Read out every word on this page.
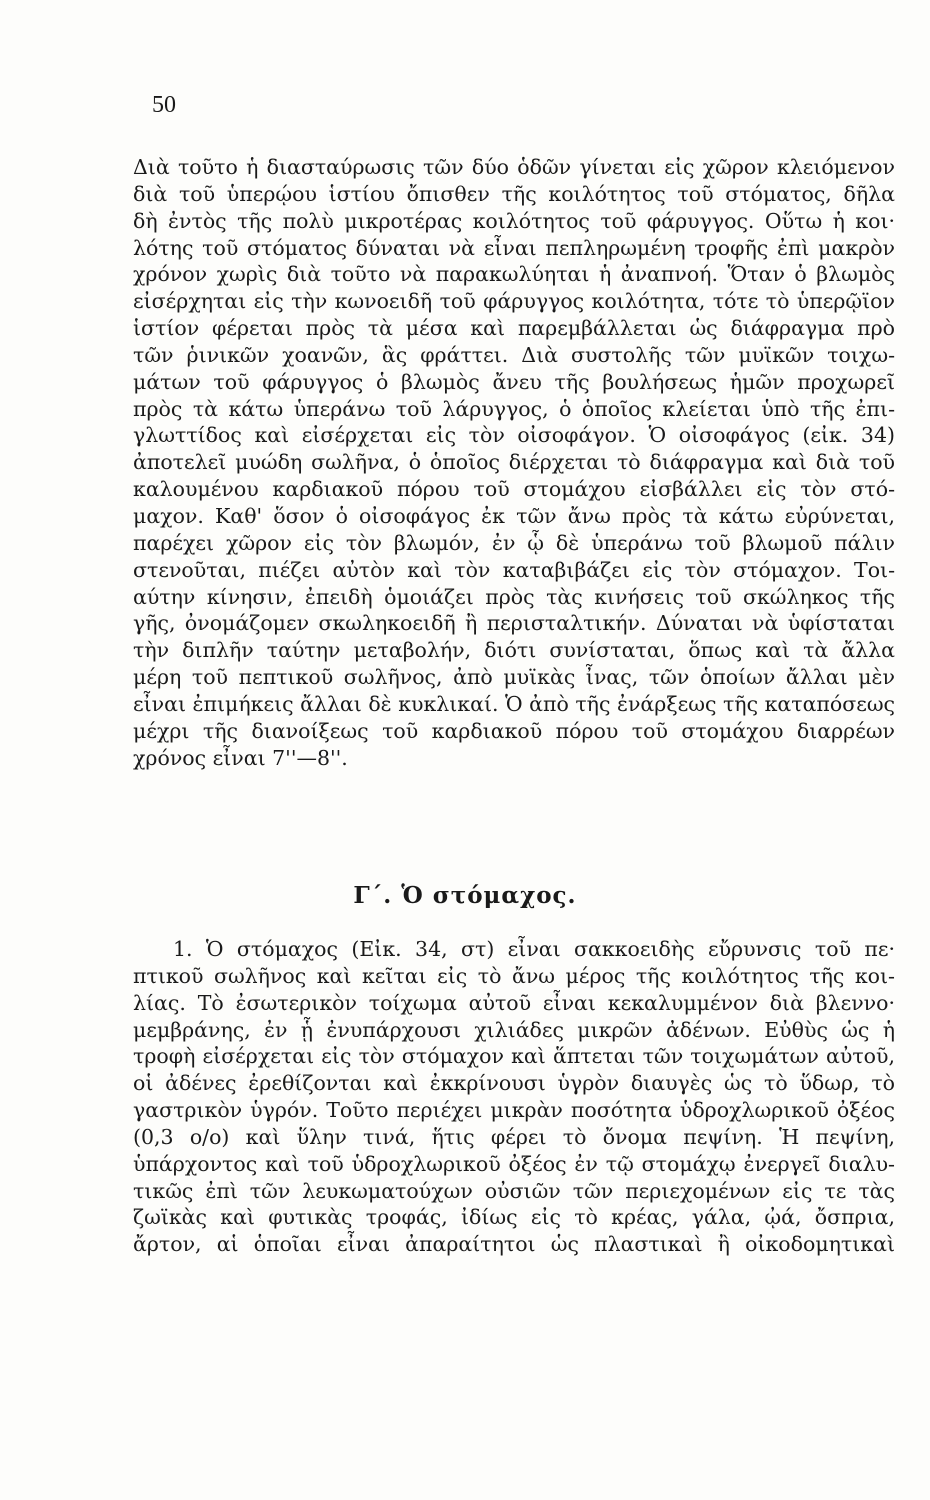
50
Διὰ τοῦτο ἡ διασταύρωσις τῶν δύο ὁδῶν γίνεται εἰς χῶρον κλειόμενον
διὰ τοῦ ὑπερῴου ἱστίου ὄπισθεν τῆς κοιλότητος τοῦ στόματος, δῆλα
δὴ ἐντὸς τῆς πολὺ μικροτέρας κοιλότητος τοῦ φάρυγγος. Οὕτω ἡ κοι·
λότης τοῦ στόματος δύναται νὰ εἶναι πεπληρωμένη τροφῆς ἐπὶ μακρὸν
χρόνον χωρὶς διὰ τοῦτο νὰ παρακωλύηται ἡ ἀναπνοή. Ὅταν ὁ βλωμὸς
εἰσέρχηται εἰς τὴν κωνοειδῆ τοῦ φάρυγγος κοιλότητα, τότε τὸ ὑπερῷϊον
ἱστίον φέρεται πρὸς τὰ μέσα καὶ παρεμβάλλεται ὡς διάφραγμα πρὸ
τῶν ῥινικῶν χοανῶν, ἃς φράττει. Διὰ συστολῆς τῶν μυϊκῶν τοιχω-
μάτων τοῦ φάρυγγος ὁ βλωμὸς ἄνευ τῆς βουλήσεως ἡμῶν προχωρεῖ
πρὸς τὰ κάτω ὑπεράνω τοῦ λάρυγγος, ὁ ὁποῖος κλείεται ὑπὸ τῆς ἐπι-
γλωττίδος καὶ εἰσέρχεται εἰς τὸν οἰσοφάγον. Ὁ οἰσοφάγος (εἰκ. 34)
ἀποτελεῖ μυώδη σωλῆνα, ὁ ὁποῖος διέρχεται τὸ διάφραγμα καὶ διὰ τοῦ
καλουμένου καρδιακοῦ πόρου τοῦ στομάχου εἰσβάλλει εἰς τὸν στό-
μαχον. Καθ' ὅσον ὁ οἰσοφάγος ἐκ τῶν ἄνω πρὸς τὰ κάτω εὐρύνεται,
παρέχει χῶρον εἰς τὸν βλωμόν, ἐν ᾧ δὲ ὑπεράνω τοῦ βλωμοῦ πάλιν
στενοῦται, πιέζει αὐτὸν καὶ τὸν καταβιβάζει εἰς τὸν στόμαχον. Τοι-
αύτην κίνησιν, ἐπειδὴ ὁμοιάζει πρὸς τὰς κινήσεις τοῦ σκώληκος τῆς
γῆς, ὀνομάζομεν σκωληκοειδῆ ἢ περισταλτικήν. Δύναται νὰ ὑφίσταται
τὴν διπλῆν ταύτην μεταβολήν, διότι συνίσταται, ὅπως καὶ τὰ ἄλλα
μέρη τοῦ πεπτικοῦ σωλῆνος, ἀπὸ μυϊκὰς ἶνας, τῶν ὁποίων ἄλλαι μὲν
εἶναι ἐπιμήκεις ἄλλαι δὲ κυκλικαί. Ὁ ἀπὸ τῆς ἐνάρξεως τῆς καταπόσεως
μέχρι τῆς διανοίξεως τοῦ καρδιακοῦ πόρου τοῦ στομάχου διαρρέων
χρόνος εἶναι 7''—8''.
Γ΄. Ὁ στόμαχος.
1. Ὁ στόμαχος (Εἰκ. 34, στ) εἶναι σακκοειδὴς εὔρυνσις τοῦ πε·
πτικοῦ σωλῆνος καὶ κεῖται εἰς τὸ ἄνω μέρος τῆς κοιλότητος τῆς κοι-
λίας. Τὸ ἐσωτερικὸν τοίχωμα αὐτοῦ εἶναι κεκαλυμμένον διὰ βλεννο·
μεμβράνης, ἐν ᾗ ἐνυπάρχουσι χιλιάδες μικρῶν ἀδένων. Εὐθὺς ὡς ἡ
τροφὴ εἰσέρχεται εἰς τὸν στόμαχον καὶ ἅπτεται τῶν τοιχωμάτων αὐτοῦ,
οἱ ἀδένες ἐρεθίζονται καὶ ἐκκρίνουσι ὑγρὸν διαυγὲς ὡς τὸ ὕδωρ, τὸ
γαστρικὸν ὑγρόν. Τοῦτο περιέχει μικρὰν ποσότητα ὑδροχλωρικοῦ ὀξέος
(0,3 ο/ο) καὶ ὕλην τινά, ἥτις φέρει τὸ ὄνομα πεψίνη. Ἡ πεψίνη,
ὑπάρχοντος καὶ τοῦ ὑδροχλωρικοῦ ὀξέος ἐν τῷ στομάχῳ ἐνεργεῖ διαλυ-
τικῶς ἐπὶ τῶν λευκωματούχων οὐσιῶν τῶν περιεχομένων εἰς τε τὰς
ζωϊκὰς καὶ φυτικὰς τροφάς, ἰδίως εἰς τὸ κρέας, γάλα, ᾠά, ὄσπρια,
ἄρτον, αἱ ὁποῖαι εἶναι ἀπαραίτητοι ὡς πλαστικαὶ ἢ οἰκοδομητικαὶ
